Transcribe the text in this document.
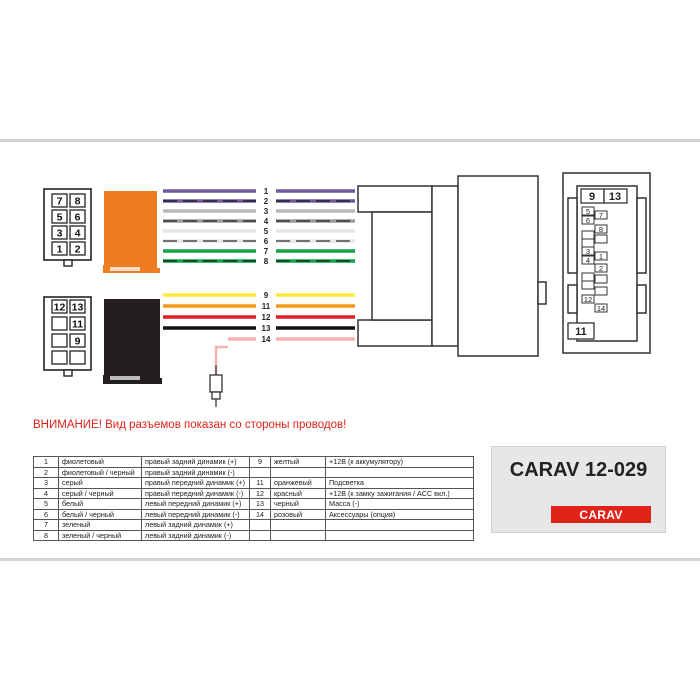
7 8
5 6
3 4
1 2
12 13
11
9
1
2
3
4
5
6
7
8
9
11
12
13
14
5
6
3
4
12
7
8
1
2
14
9 13
11
ВНИМАНИЕ! Вид разъемов показан со стороны проводов!
1	фиолетовый	правый задний динамик (+)	9	желтый	+12В (к аккумулятору)
2	фиолетовый / черный	правый задний динамик (-)			
3	серый	правый передний динамик (+)	11	оранжевый	Подсветка
4	серый / черный	правый передний динамик (-)	12	красный	+12В (к замку зажигания / ACC вкл.)
5	белый	левый передний динамик (+)	13	черный	Масса (-)
6	белый / черный	левый передний динамик (-)	14	розовый	Аксессуары (опция)
7	зеленый	левый задний динамик (+)			
8	зеленый / черный	левый задний динамик (-)			
CARAV 12-029
CARAV
